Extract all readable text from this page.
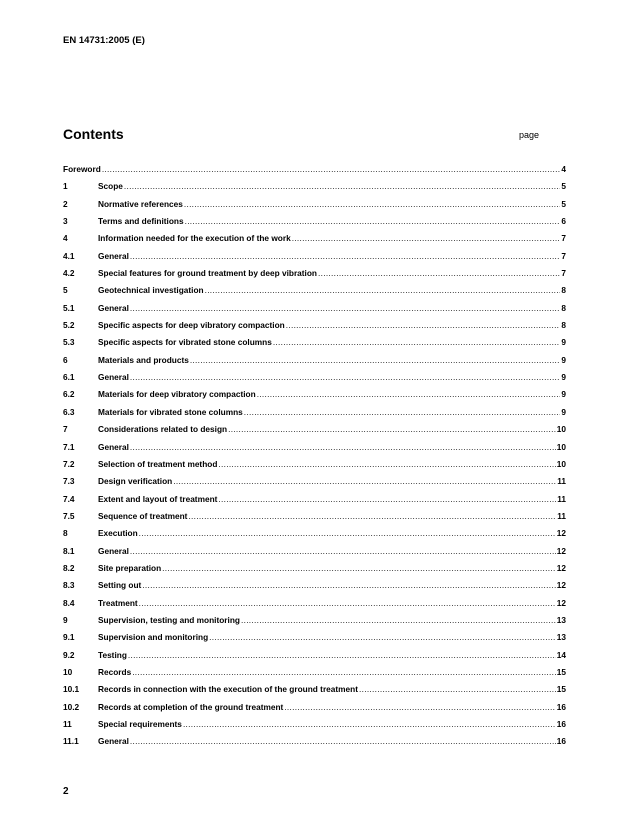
EN 14731:2005 (E)
Contents	page
Foreword .....	4
1	Scope .....	5
2	Normative references .....	5
3	Terms and definitions .....	6
4	Information needed for the execution of the work .....	7
4.1	General .....	7
4.2	Special features for ground treatment by deep vibration .....	7
5	Geotechnical investigation .....	8
5.1	General .....	8
5.2	Specific aspects for deep vibratory compaction .....	8
5.3	Specific aspects for vibrated stone columns .....	9
6	Materials and products .....	9
6.1	General .....	9
6.2	Materials for deep vibratory compaction .....	9
6.3	Materials for vibrated stone columns .....	9
7	Considerations related to design .....	10
7.1	General .....	10
7.2	Selection of treatment method .....	10
7.3	Design verification .....	11
7.4	Extent and layout of treatment .....	11
7.5	Sequence of treatment .....	11
8	Execution .....	12
8.1	General .....	12
8.2	Site preparation .....	12
8.3	Setting out .....	12
8.4	Treatment .....	12
9	Supervision, testing and monitoring .....	13
9.1	Supervision and monitoring .....	13
9.2	Testing .....	14
10	Records .....	15
10.1	Records in connection with the execution of the ground treatment .....	15
10.2	Records at completion of the ground treatment .....	16
11	Special requirements .....	16
11.1	General .....	16
2
